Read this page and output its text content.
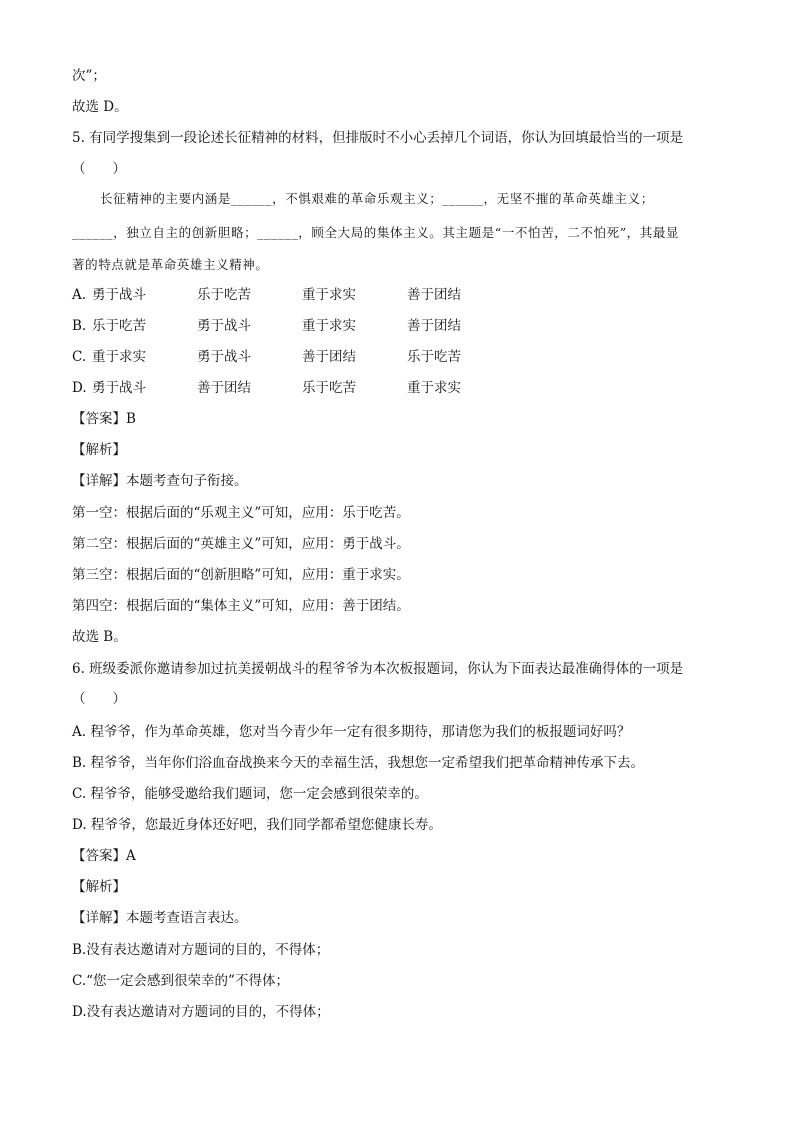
次”；
故选 D。
5. 有同学搜集到一段论述长征精神的材料，但排版时不小心丢掉几个词语，你认为回填最恰当的一项是
（　　）
长征精神的主要内涵是______，不惧艰难的革命乐观主义；______，无坚不摧的革命英雄主义；
______，独立自主的创新胆略；______，顾全大局的集体主义。其主题是“一不怕苦，二不怕死”，其最显
著的特点就是革命英雄主义精神。
A. 勇于战斗	乐于吃苦	重于求实	善于团结
B. 乐于吃苦	勇于战斗	重于求实	善于团结
C. 重于求实	勇于战斗	善于团结	乐于吃苦
D. 勇于战斗	善于团结	乐于吃苦	重于求实
【答案】B
【解析】
【详解】本题考查句子衔接。
第一空：根据后面的“乐观主义”可知，应用：乐于吃苦。
第二空：根据后面的“英雄主义”可知，应用：勇于战斗。
第三空：根据后面的“创新胆略”可知，应用：重于求实。
第四空：根据后面的“集体主义”可知，应用：善于团结。
故选 B。
6. 班级委派你邀请参加过抗美援朝战斗的程爷爷为本次板报题词，你认为下面表达最准确得体的一项是
（　　）
A. 程爷爷，作为革命英雄，您对当今青少年一定有很多期待，那请您为我们的板报题词好吗？
B. 程爷爷，当年你们浴血奋战换来今天的幸福生活，我想您一定希望我们把革命精神传承下去。
C. 程爷爷，能够受邀给我们题词，您一定会感到很荣幸的。
D. 程爷爷，您最近身体还好吧，我们同学都希望您健康长寿。
【答案】A
【解析】
【详解】本题考查语言表达。
B.没有表达邀请对方题词的目的，不得体；
C.“您一定会感到很荣幸的”不得体；
D.没有表达邀请对方题词的目的，不得体；
